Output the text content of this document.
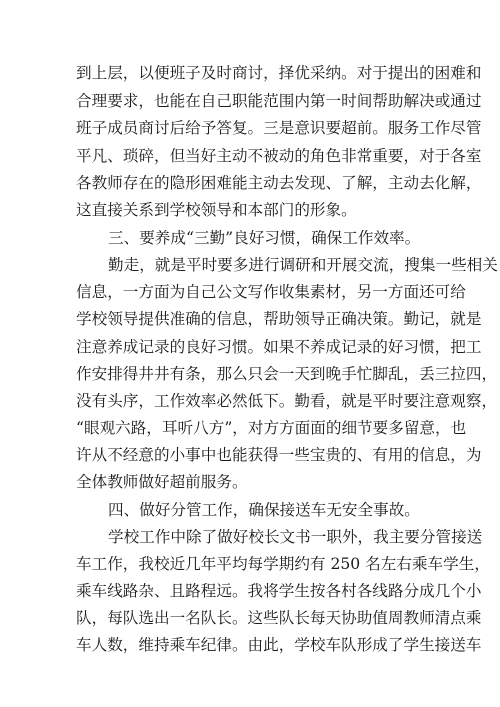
到上层，以便班子及时商讨，择优采纳。对于提出的困难和
合理要求，也能在自己职能范围内第一时间帮助解决或通过
班子成员商讨后给予答复。三是意识要超前。服务工作尽管
平凡、琐碎，但当好主动不被动的角色非常重要，对于各室
各教师存在的隐形困难能主动去发现、了解，主动去化解，
这直接关系到学校领导和本部门的形象。
三、要养成“三勤”良好习惯，确保工作效率。
勤走，就是平时要多进行调研和开展交流，搜集一些相关
信息，一方面为自己公文写作收集素材，另一方面还可给
学校领导提供准确的信息，帮助领导正确决策。勤记，就是
注意养成记录的良好习惯。如果不养成记录的好习惯，把工
作安排得井井有条，那么只会一天到晚手忙脚乱，丢三拉四，
没有头序，工作效率必然低下。勤看，就是平时要注意观察，
“眼观六路，耳听八方”，对方方面面的细节要多留意，也
许从不经意的小事中也能获得一些宝贵的、有用的信息，为
全体教师做好超前服务。
四、做好分管工作，确保接送车无安全事故。
学校工作中除了做好校长文书一职外，我主要分管接送
车工作，我校近几年平均每学期约有 250 名左右乘车学生，
乘车线路杂、且路程远。我将学生按各村各线路分成几个小
队，每队选出一名队长。这些队长每天协助值周教师清点乘
车人数，维持乘车纪律。由此，学校车队形成了学生接送车
